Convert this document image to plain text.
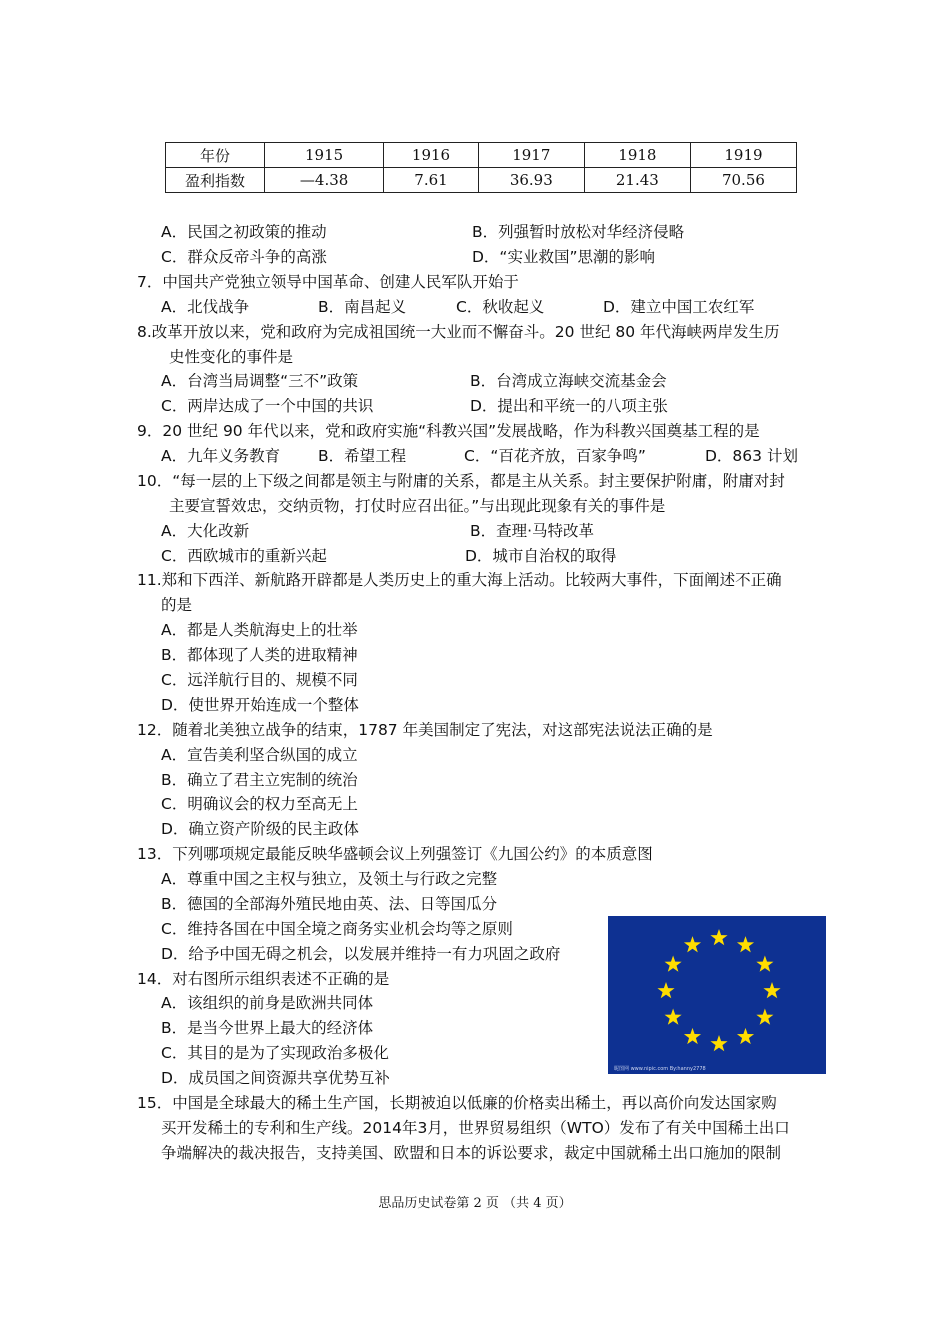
年份	1915	1916	1917	1918	1919
盈利指数	—4.38	7.61	36.93	21.43	70.56
A．民国之初政策的推动	B．列强暂时放松对华经济侵略
C．群众反帝斗争的高涨	D．“实业救国”思潮的影响
7．中国共产党独立领导中国革命、创建人民军队开始于
A．北伐战争	B．南昌起义	C．秋收起义	D．建立中国工农红军
8.改革开放以来，党和政府为完成祖国统一大业而不懈奋斗。20 世纪 80 年代海峡两岸发生历
史性变化的事件是
A．台湾当局调整“三不”政策	B．台湾成立海峡交流基金会
C．两岸达成了一个中国的共识	D．提出和平统一的八项主张
9．20 世纪 90 年代以来，党和政府实施“科教兴国”发展战略，作为科教兴国奠基工程的是
A．九年义务教育 B．希望工程	C．“百花齐放，百家争鸣”	D．863 计划
10．“每一层的上下级之间都是领主与附庸的关系，都是主从关系。封主要保护附庸，附庸对封
主要宣誓效忠，交纳贡物，打仗时应召出征。”与出现此现象有关的事件是
A．大化改新	B．查理·马特改革
C．西欧城市的重新兴起	D．城市自治权的取得
11.郑和下西洋、新航路开辟都是人类历史上的重大海上活动。比较两大事件，下面阐述不正确
的是
A．都是人类航海史上的壮举
B．都体现了人类的进取精神
C．远洋航行目的、规模不同
D．使世界开始连成一个整体
12．随着北美独立战争的结束，1787 年美国制定了宪法，对这部宪法说法正确的是
A．宣告美利坚合纵国的成立
B．确立了君主立宪制的统治
C．明确议会的权力至高无上
D．确立资产阶级的民主政体
13．下列哪项规定最能反映华盛顿会议上列强签订《九国公约》的本质意图
A．尊重中国之主权与独立，及领土与行政之完整
B．德国的全部海外殖民地由英、法、日等国瓜分
C．维持各国在中国全境之商务实业机会均等之原则
D．给予中国无碍之机会，以发展并维持一有力巩固之政府
14．对右图所示组织表述不正确的是
A．该组织的前身是欧洲共同体
B．是当今世界上最大的经济体
C．其目的是为了实现政治多极化
D．成员国之间资源共享优势互补	昵图网 www.nipic.com By:hanny2778
15．中国是全球最大的稀土生产国，长期被迫以低廉的价格卖出稀土，再以高价向发达国家购
买开发稀土的专利和生产线。2014年3月，世界贸易组织（WTO）发布了有关中国稀土出口
争端解决的裁决报告，支持美国、欧盟和日本的诉讼要求，裁定中国就稀土出口施加的限制
思品历史试卷第 2 页 （共 4 页）
